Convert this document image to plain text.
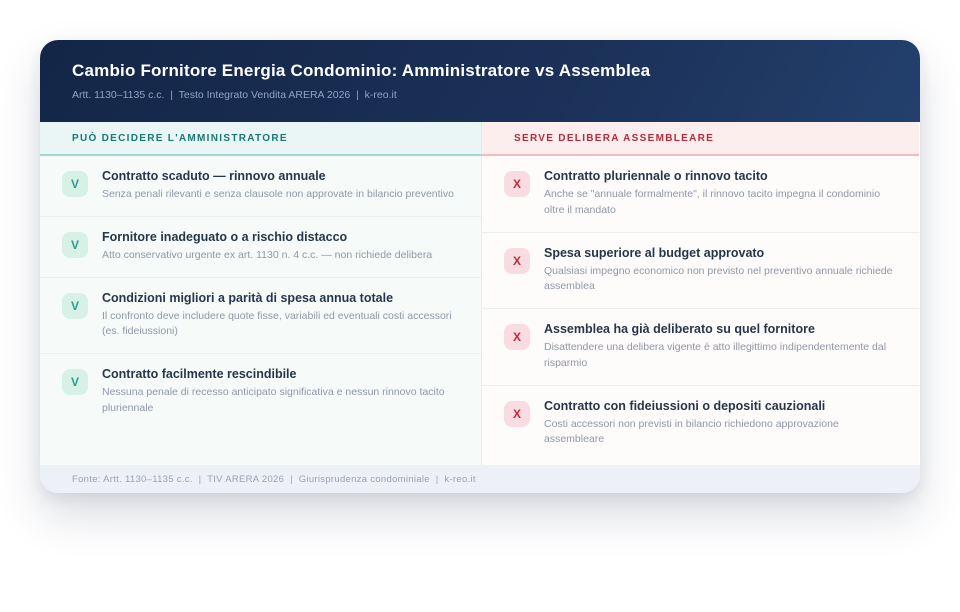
Cambio Fornitore Energia Condominio: Amministratore vs Assemblea
Artt. 1130–1135 c.c.  |  Testo Integrato Vendita ARERA 2026  |  k-reo.it
PUÒ DECIDERE L'AMMINISTRATORE	SERVE DELIBERA ASSEMBLEARE
V
Contratto scaduto — rinnovo annuale
Senza penali rilevanti e senza clausole non approvate in bilancio preventivo
V
Fornitore inadeguato o a rischio distacco
Atto conservativo urgente ex art. 1130 n. 4 c.c. — non richiede delibera
V
Condizioni migliori a parità di spesa annua totale
Il confronto deve includere quote fisse, variabili ed eventuali costi accessori (es. fideiussioni)
V
Contratto facilmente rescindibile
Nessuna penale di recesso anticipato significativa e nessun rinnovo tacito pluriennale
X
Contratto pluriennale o rinnovo tacito
Anche se "annuale formalmente", il rinnovo tacito impegna il condominio oltre il mandato
X
Spesa superiore al budget approvato
Qualsiasi impegno economico non previsto nel preventivo annuale richiede assemblea
X
Assemblea ha già deliberato su quel fornitore
Disattendere una delibera vigente è atto illegittimo indipendentemente dal risparmio
X
Contratto con fideiussioni o depositi cauzionali
Costi accessori non previsti in bilancio richiedono approvazione assembleare
Fonte: Artt. 1130–1135 c.c.  |  TIV ARERA 2026  |  Giurisprudenza condominiale  |  k-reo.it
